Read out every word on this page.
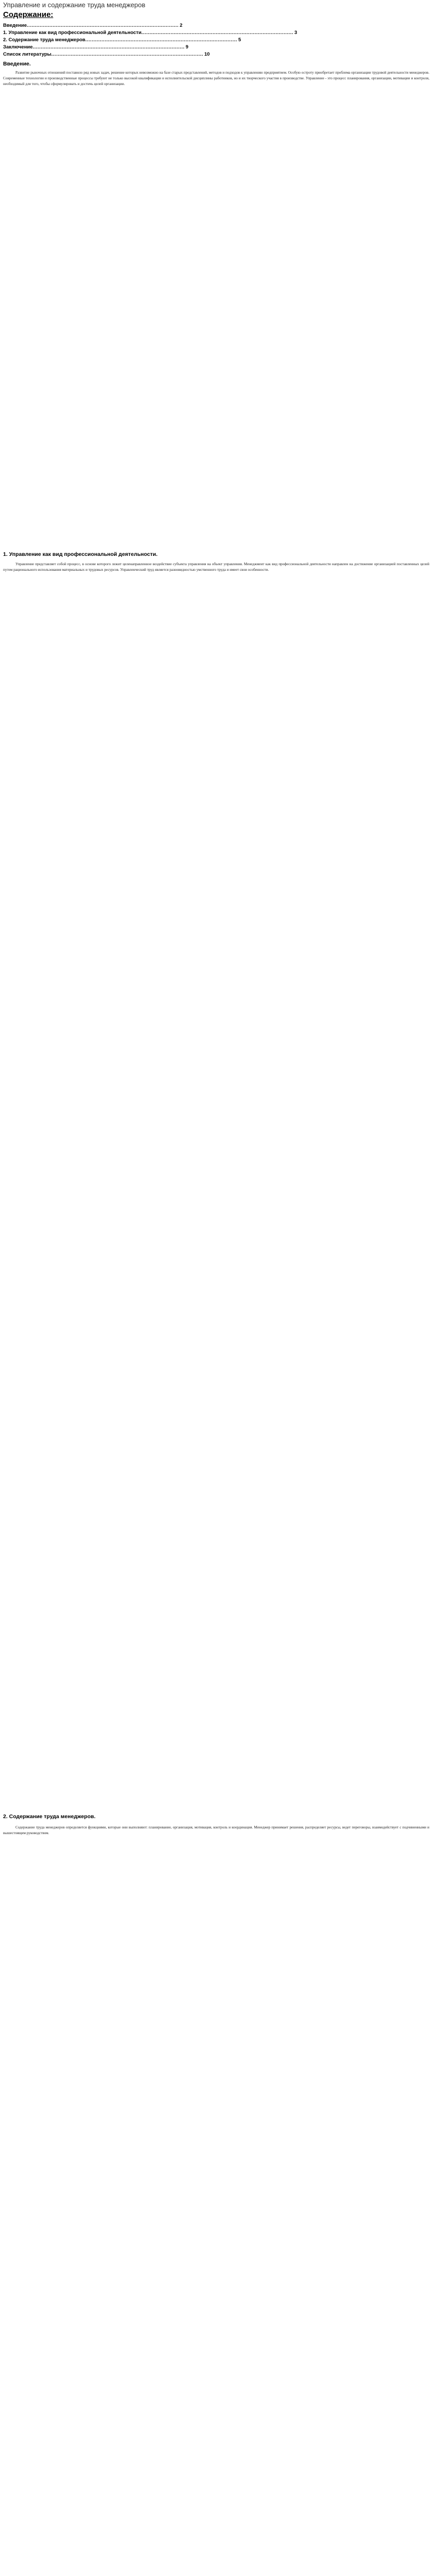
Управление и содержание труда менеджеров
Содержание:
Введение .............................................................................................. 2
1. Управление как вид профессиональной деятельности .............................................................................................. 3
2. Содержание труда менеджеров .............................................................................................. 5
Заключение .............................................................................................. 9
Список литературы .............................................................................................. 10
Введение.

Развитие рыночных отношений поставило ряд новых задач, решение которых невозможно на базе старых представлений, методов и подходов к управлению предприятием. Особую остроту приобретает проблема организации трудовой деятельности менеджеров. Современные технологии и производственные процессы требуют не только высокой квалификации и исполнительской дисциплины работников, но и их творческого участия в производстве. Управление - это процесс планирования, организации, мотивации и контроля, необходимый для того, чтобы сформулировать и достичь целей организации.

1. Управление как вид профессиональной деятельности.

Управление представляет собой процесс, в основе которого лежит целенаправленное воздействие субъекта управления на объект управления. Менеджмент как вид профессиональной деятельности направлен на достижение организацией поставленных целей путем рационального использования материальных и трудовых ресурсов. Управленческий труд является разновидностью умственного труда и имеет свои особенности.

2. Содержание труда менеджеров.

Содержание труда менеджеров определяется функциями, которые они выполняют: планирование, организация, мотивация, контроль и координация. Менеджер принимает решения, распределяет ресурсы, ведет переговоры, взаимодействует с подчиненными и вышестоящим руководством.
